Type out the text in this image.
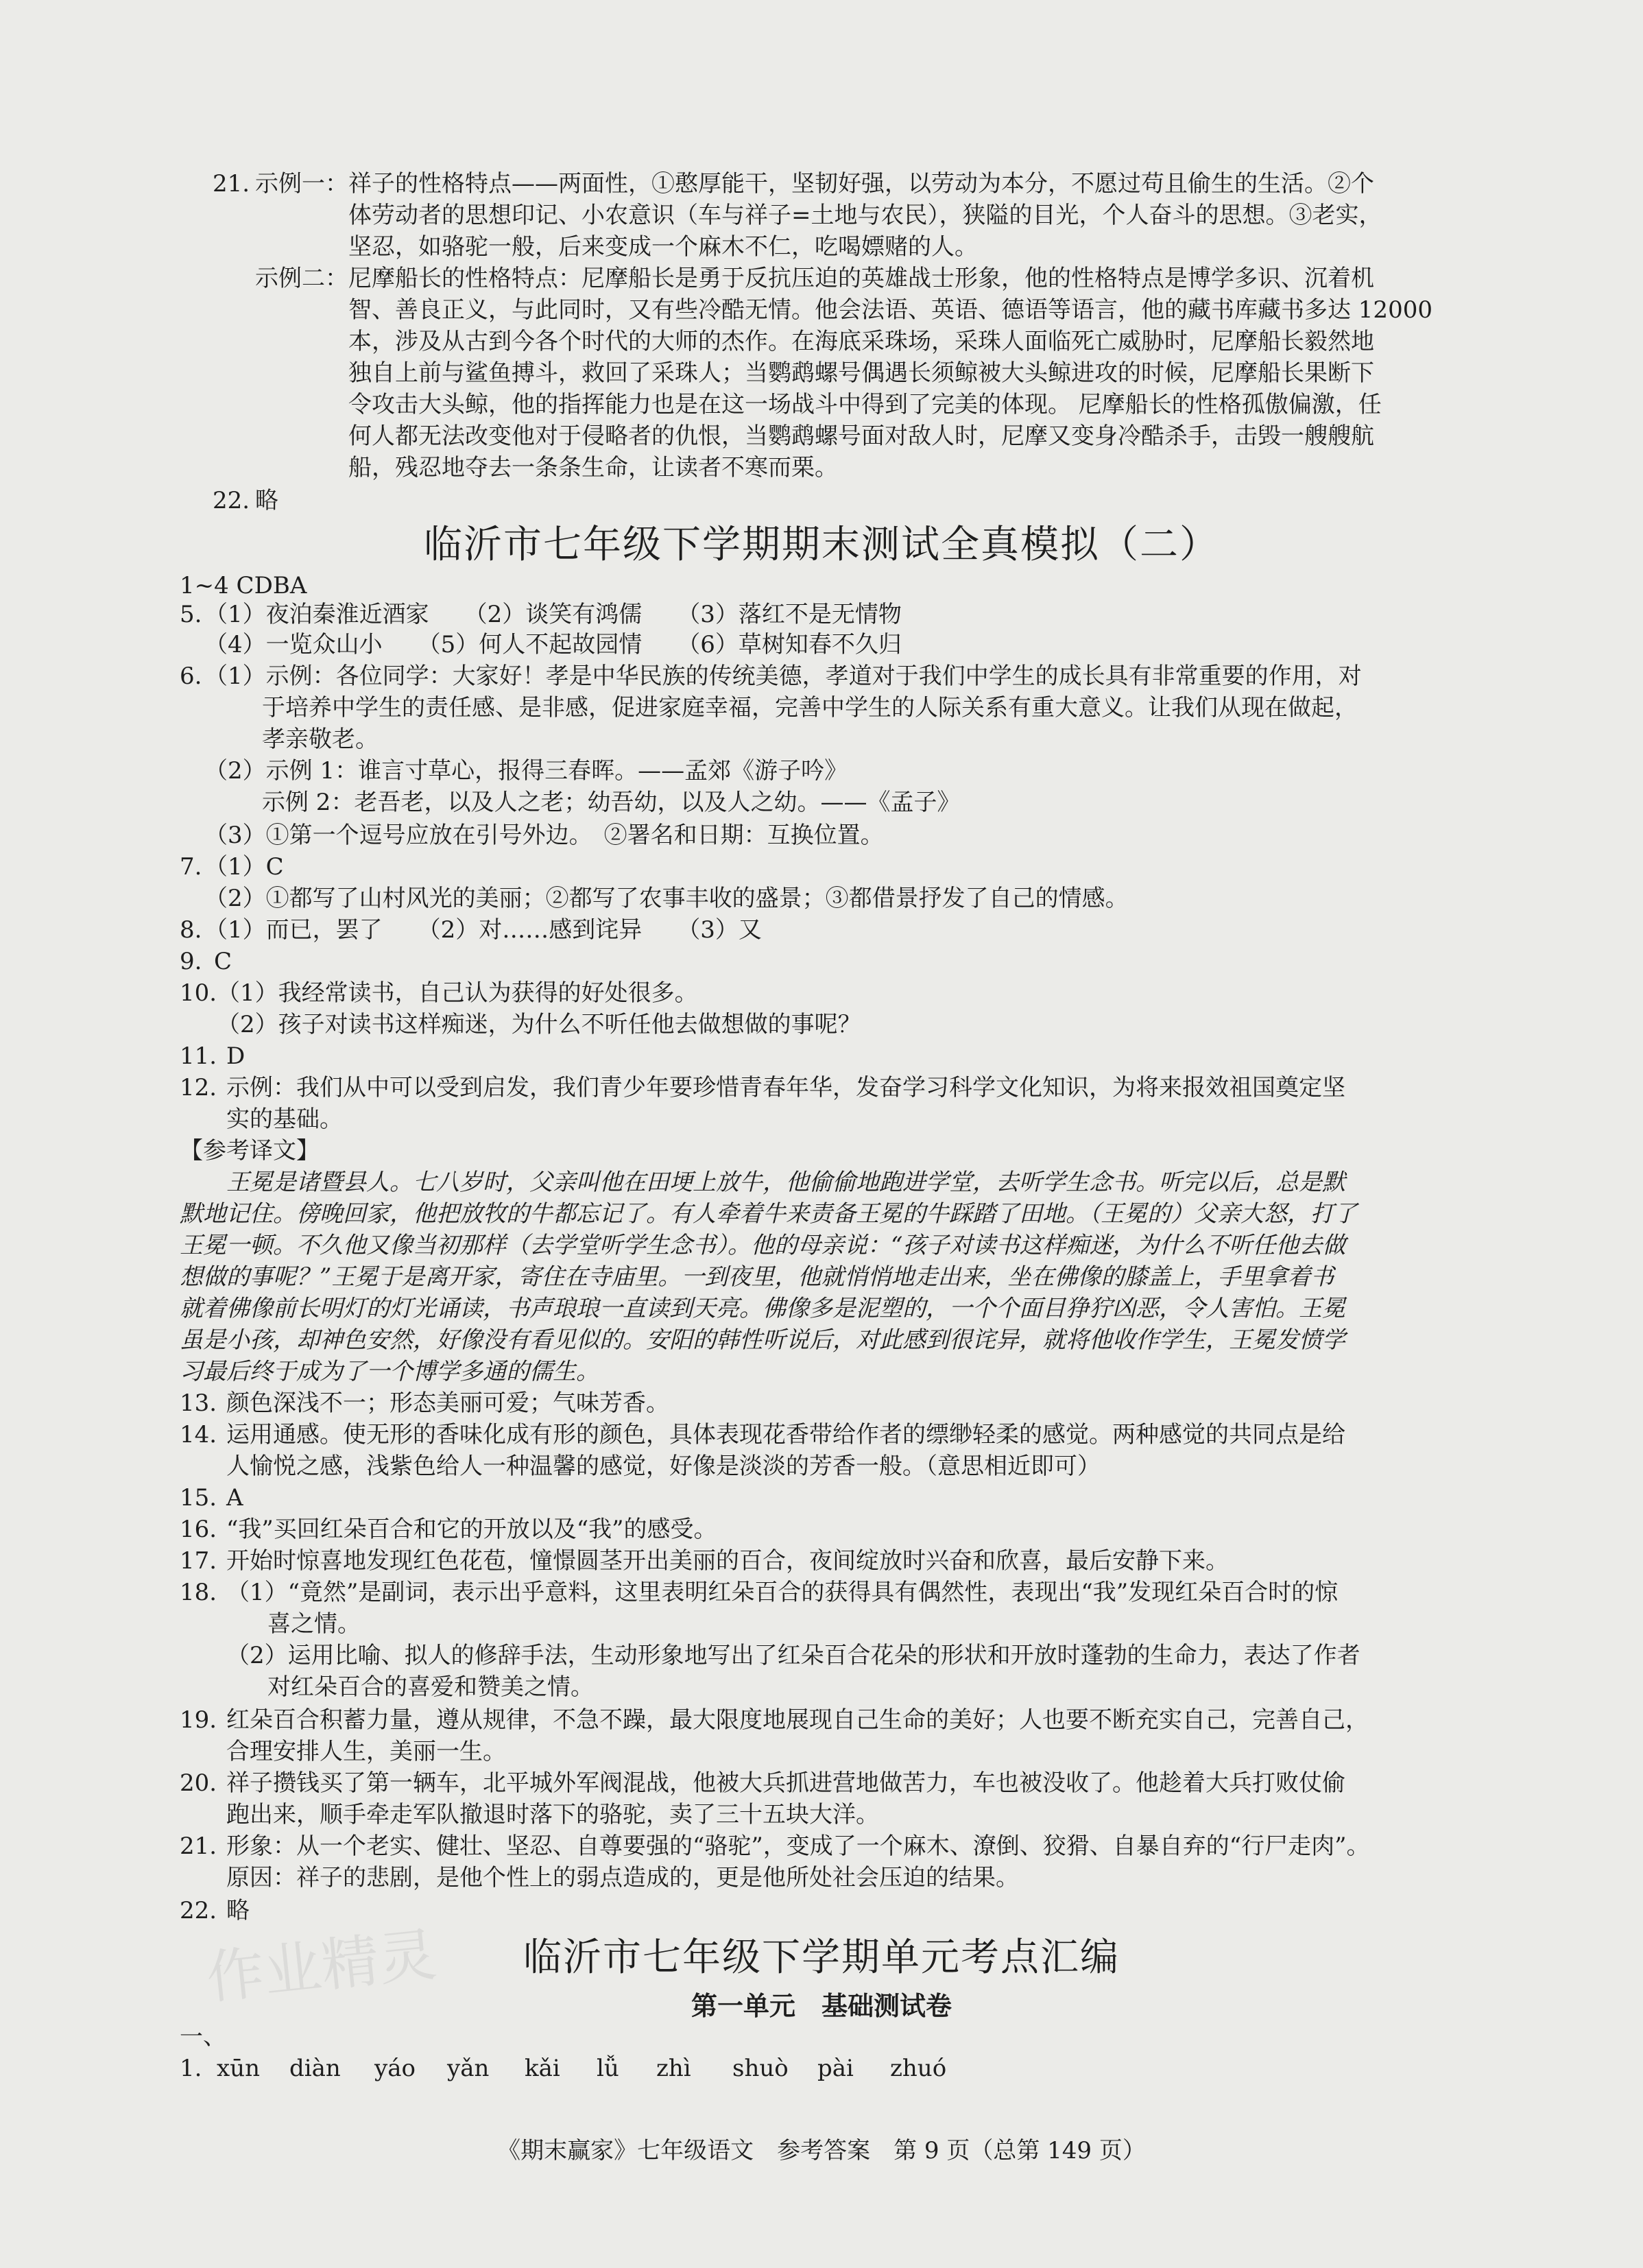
21. 示例一：祥子的性格特点——两面性，①憨厚能干，坚韧好强，以劳动为本分，不愿过苟且偷生的生活。②个
体劳动者的思想印记、小农意识（车与祥子=土地与农民），狭隘的目光，个人奋斗的思想。③老实，
坚忍，如骆驼一般，后来变成一个麻木不仁，吃喝嫖赌的人。
示例二：尼摩船长的性格特点：尼摩船长是勇于反抗压迫的英雄战士形象，他的性格特点是博学多识、沉着机
智、善良正义，与此同时，又有些冷酷无情。他会法语、英语、德语等语言，他的藏书库藏书多达 12000
本，涉及从古到今各个时代的大师的杰作。在海底采珠场，采珠人面临死亡威胁时，尼摩船长毅然地
独自上前与鲨鱼搏斗，救回了采珠人；当鹦鹉螺号偶遇长须鲸被大头鲸进攻的时候，尼摩船长果断下
令攻击大头鲸，他的指挥能力也是在这一场战斗中得到了完美的体现。 尼摩船长的性格孤傲偏激，任
何人都无法改变他对于侵略者的仇恨，当鹦鹉螺号面对敌人时，尼摩又变身冷酷杀手，击毁一艘艘航
船，残忍地夺去一条条生命，让读者不寒而栗。
22. 略
临沂市七年级下学期期末测试全真模拟（二）
1~4 CDBA
5. （1）夜泊秦淮近酒家　　（2）谈笑有鸿儒　　（3）落红不是无情物
（4）一览众山小　　（5）何人不起故园情　　（6）草树知春不久归
6. （1）示例：各位同学：大家好！孝是中华民族的传统美德，孝道对于我们中学生的成长具有非常重要的作用，对
于培养中学生的责任感、是非感，促进家庭幸福，完善中学生的人际关系有重大意义。让我们从现在做起，
孝亲敬老。
（2）示例 1：谁言寸草心，报得三春晖。——孟郊《游子吟》
示例 2：老吾老，以及人之老；幼吾幼，以及人之幼。——《孟子》
（3）①第一个逗号应放在引号外边。　②署名和日期：互换位置。
7. （1）C
（2）①都写了山村风光的美丽；②都写了农事丰收的盛景；③都借景抒发了自己的情感。
8. （1）而已，罢了　　（2）对……感到诧异　　（3）又
9. C
10. （1）我经常读书，自己认为获得的好处很多。
（2）孩子对读书这样痴迷，为什么不听任他去做想做的事呢？
11. D
12. 示例：我们从中可以受到启发，我们青少年要珍惜青春年华，发奋学习科学文化知识，为将来报效祖国奠定坚
实的基础。
【参考译文】
王冕是诸暨县人。七八岁时，父亲叫他在田埂上放牛，他偷偷地跑进学堂，去听学生念书。听完以后，总是默
默地记住。傍晚回家，他把放牧的牛都忘记了。有人牵着牛来责备王冕的牛踩踏了田地。（王冕的）父亲大怒，打了
王冕一顿。不久他又像当初那样（去学堂听学生念书）。他的母亲说：“孩子对读书这样痴迷，为什么不听任他去做
想做的事呢？”王冕于是离开家，寄住在寺庙里。一到夜里，他就悄悄地走出来，坐在佛像的膝盖上，手里拿着书
就着佛像前长明灯的灯光诵读，书声琅琅一直读到天亮。佛像多是泥塑的，一个个面目狰狞凶恶，令人害怕。王冕
虽是小孩，却神色安然，好像没有看见似的。安阳的韩性听说后，对此感到很诧异，就将他收作学生，王冕发愤学
习最后终于成为了一个博学多通的儒生。
13. 颜色深浅不一；形态美丽可爱；气味芳香。
14. 运用通感。使无形的香味化成有形的颜色，具体表现花香带给作者的缥缈轻柔的感觉。两种感觉的共同点是给
人愉悦之感，浅紫色给人一种温馨的感觉，好像是淡淡的芳香一般。（意思相近即可）
15. A
16. “我”买回红朵百合和它的开放以及“我”的感受。
17. 开始时惊喜地发现红色花苞，憧憬圆茎开出美丽的百合，夜间绽放时兴奋和欣喜，最后安静下来。
18. （1）“竟然”是副词，表示出乎意料，这里表明红朵百合的获得具有偶然性，表现出“我”发现红朵百合时的惊
喜之情。
（2）运用比喻、拟人的修辞手法，生动形象地写出了红朵百合花朵的形状和开放时蓬勃的生命力，表达了作者
对红朵百合的喜爱和赞美之情。
19. 红朵百合积蓄力量，遵从规律，不急不躁，最大限度地展现自己生命的美好；人也要不断充实自己，完善自己，
合理安排人生，美丽一生。
20. 祥子攒钱买了第一辆车，北平城外军阀混战，他被大兵抓进营地做苦力，车也被没收了。他趁着大兵打败仗偷
跑出来，顺手牵走军队撤退时落下的骆驼，卖了三十五块大洋。
21. 形象：从一个老实、健壮、坚忍、自尊要强的“骆驼”，变成了一个麻木、潦倒、狡猾、自暴自弃的“行尸走肉”。
原因：祥子的悲剧，是他个性上的弱点造成的，更是他所处社会压迫的结果。
22. 略
作业精灵	临沂市七年级下学期单元考点汇编
第一单元　基础测试卷
一、
1. xūn diàn yáo yǎn kǎi lǚ zhì shuò pài zhuó
《期末赢家》七年级语文　参考答案　第 9 页（总第 149 页）
